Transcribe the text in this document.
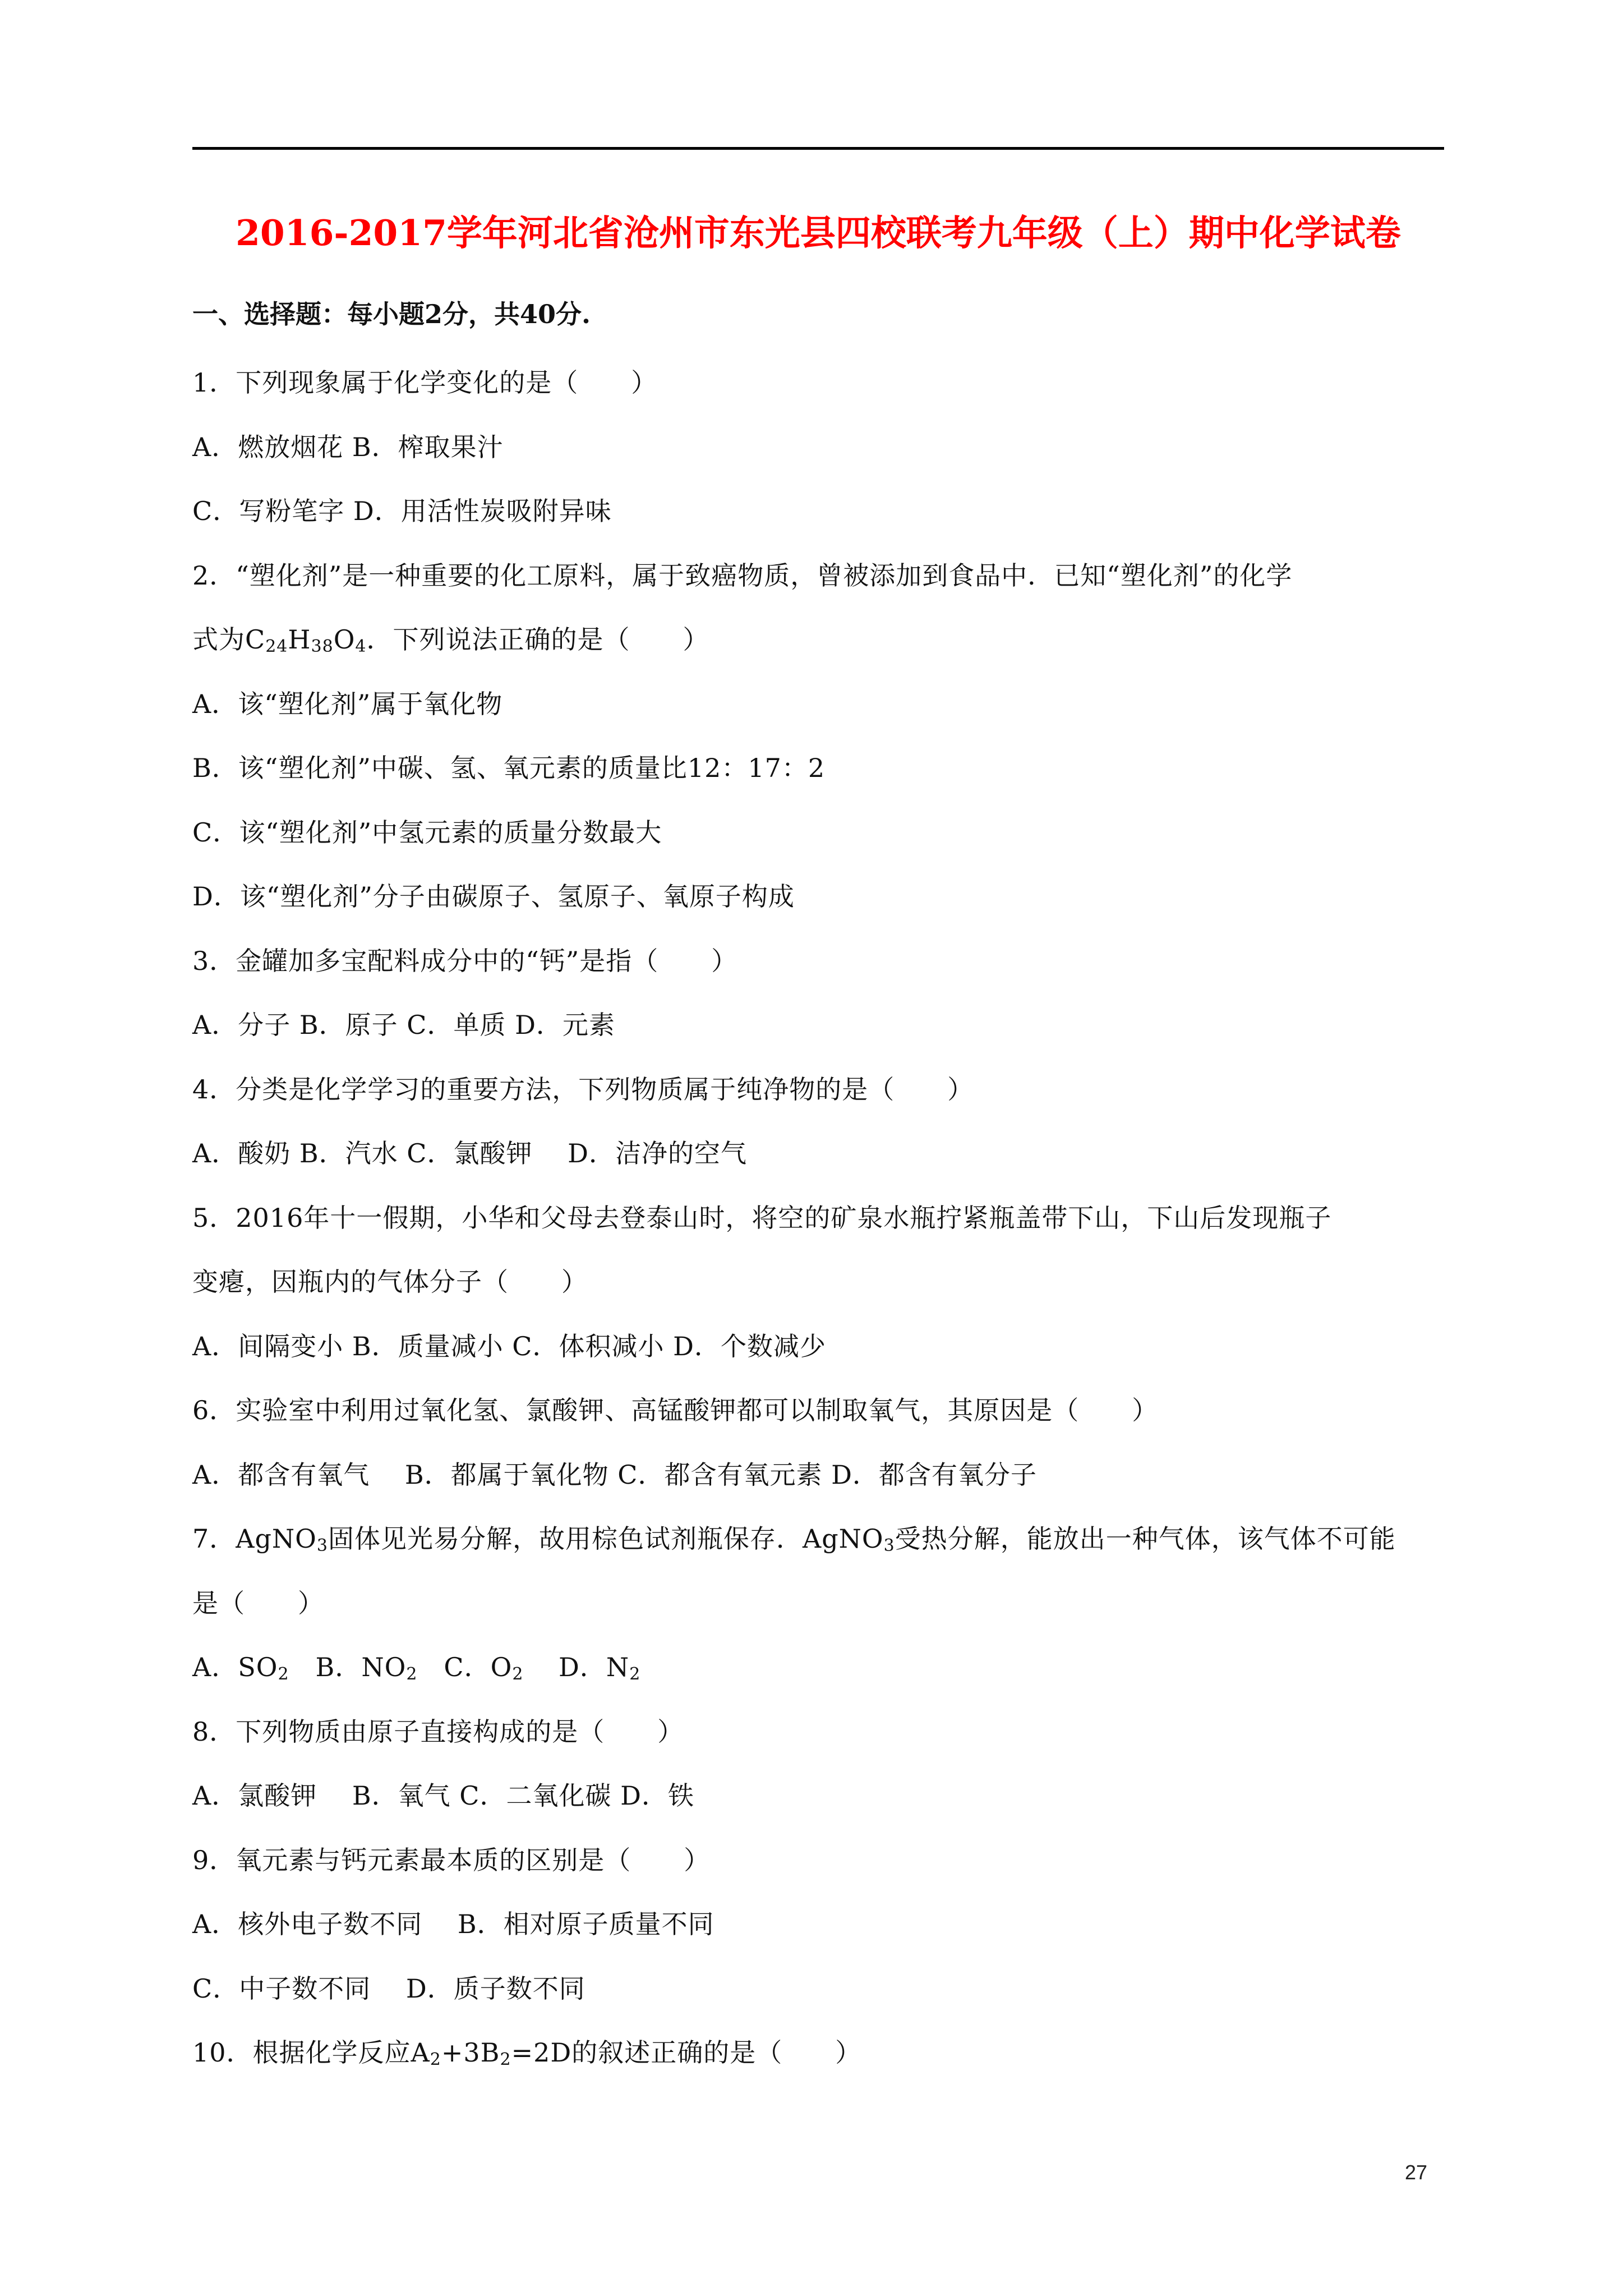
2016-2017学年河北省沧州市东光县四校联考九年级（上）期中化学试卷
一、选择题：每小题2分，共40分.
1．下列现象属于化学变化的是（　　）
A．燃放烟花 B．榨取果汁
C．写粉笔字 D．用活性炭吸附异味
2．“塑化剂”是一种重要的化工原料，属于致癌物质，曾被添加到食品中．已知“塑化剂”的化学
式为$C_{24}H_{38}O_4$．下列说法正确的是（　　）
A．该“塑化剂”属于氧化物
B．该“塑化剂”中碳、氢、氧元素的质量比12：17：2
C．该“塑化剂”中氢元素的质量分数最大
D．该“塑化剂”分子由碳原子、氢原子、氧原子构成
3．金罐加多宝配料成分中的“钙”是指（　　）
A．分子 B．原子 C．单质 D．元素
4．分类是化学学习的重要方法，下列物质属于纯净物的是（　　）
A．酸奶 B．汽水 C．氯酸钾　 D．洁净的空气
5．2016年十一假期，小华和父母去登泰山时，将空的矿泉水瓶拧紧瓶盖带下山，下山后发现瓶子
变瘪，因瓶内的气体分子（　　）
A．间隔变小 B．质量减小 C．体积减小 D．个数减少
6．实验室中利用过氧化氢、氯酸钾、高锰酸钾都可以制取氧气，其原因是（　　）
A．都含有氧气　 B．都属于氧化物 C．都含有氧元素 D．都含有氧分子
7．AgNO$_3$固体见光易分解，故用棕色试剂瓶保存．AgNO$_3$受热分解，能放出一种气体，该气体不可能
是（　　）
A．$SO_2$　B．$NO_2$　C．$O_2$　 D．$N_2$
8．下列物质由原子直接构成的是（　　）
A．氯酸钾　 B．氧气 C．二氧化碳 D．铁
9．氧元素与钙元素最本质的区别是（　　）
A．核外电子数不同　 B．相对原子质量不同
C．中子数不同　 D．质子数不同
10．根据化学反应$A_2+3B_2=2D$的叙述正确的是（　　）
27
